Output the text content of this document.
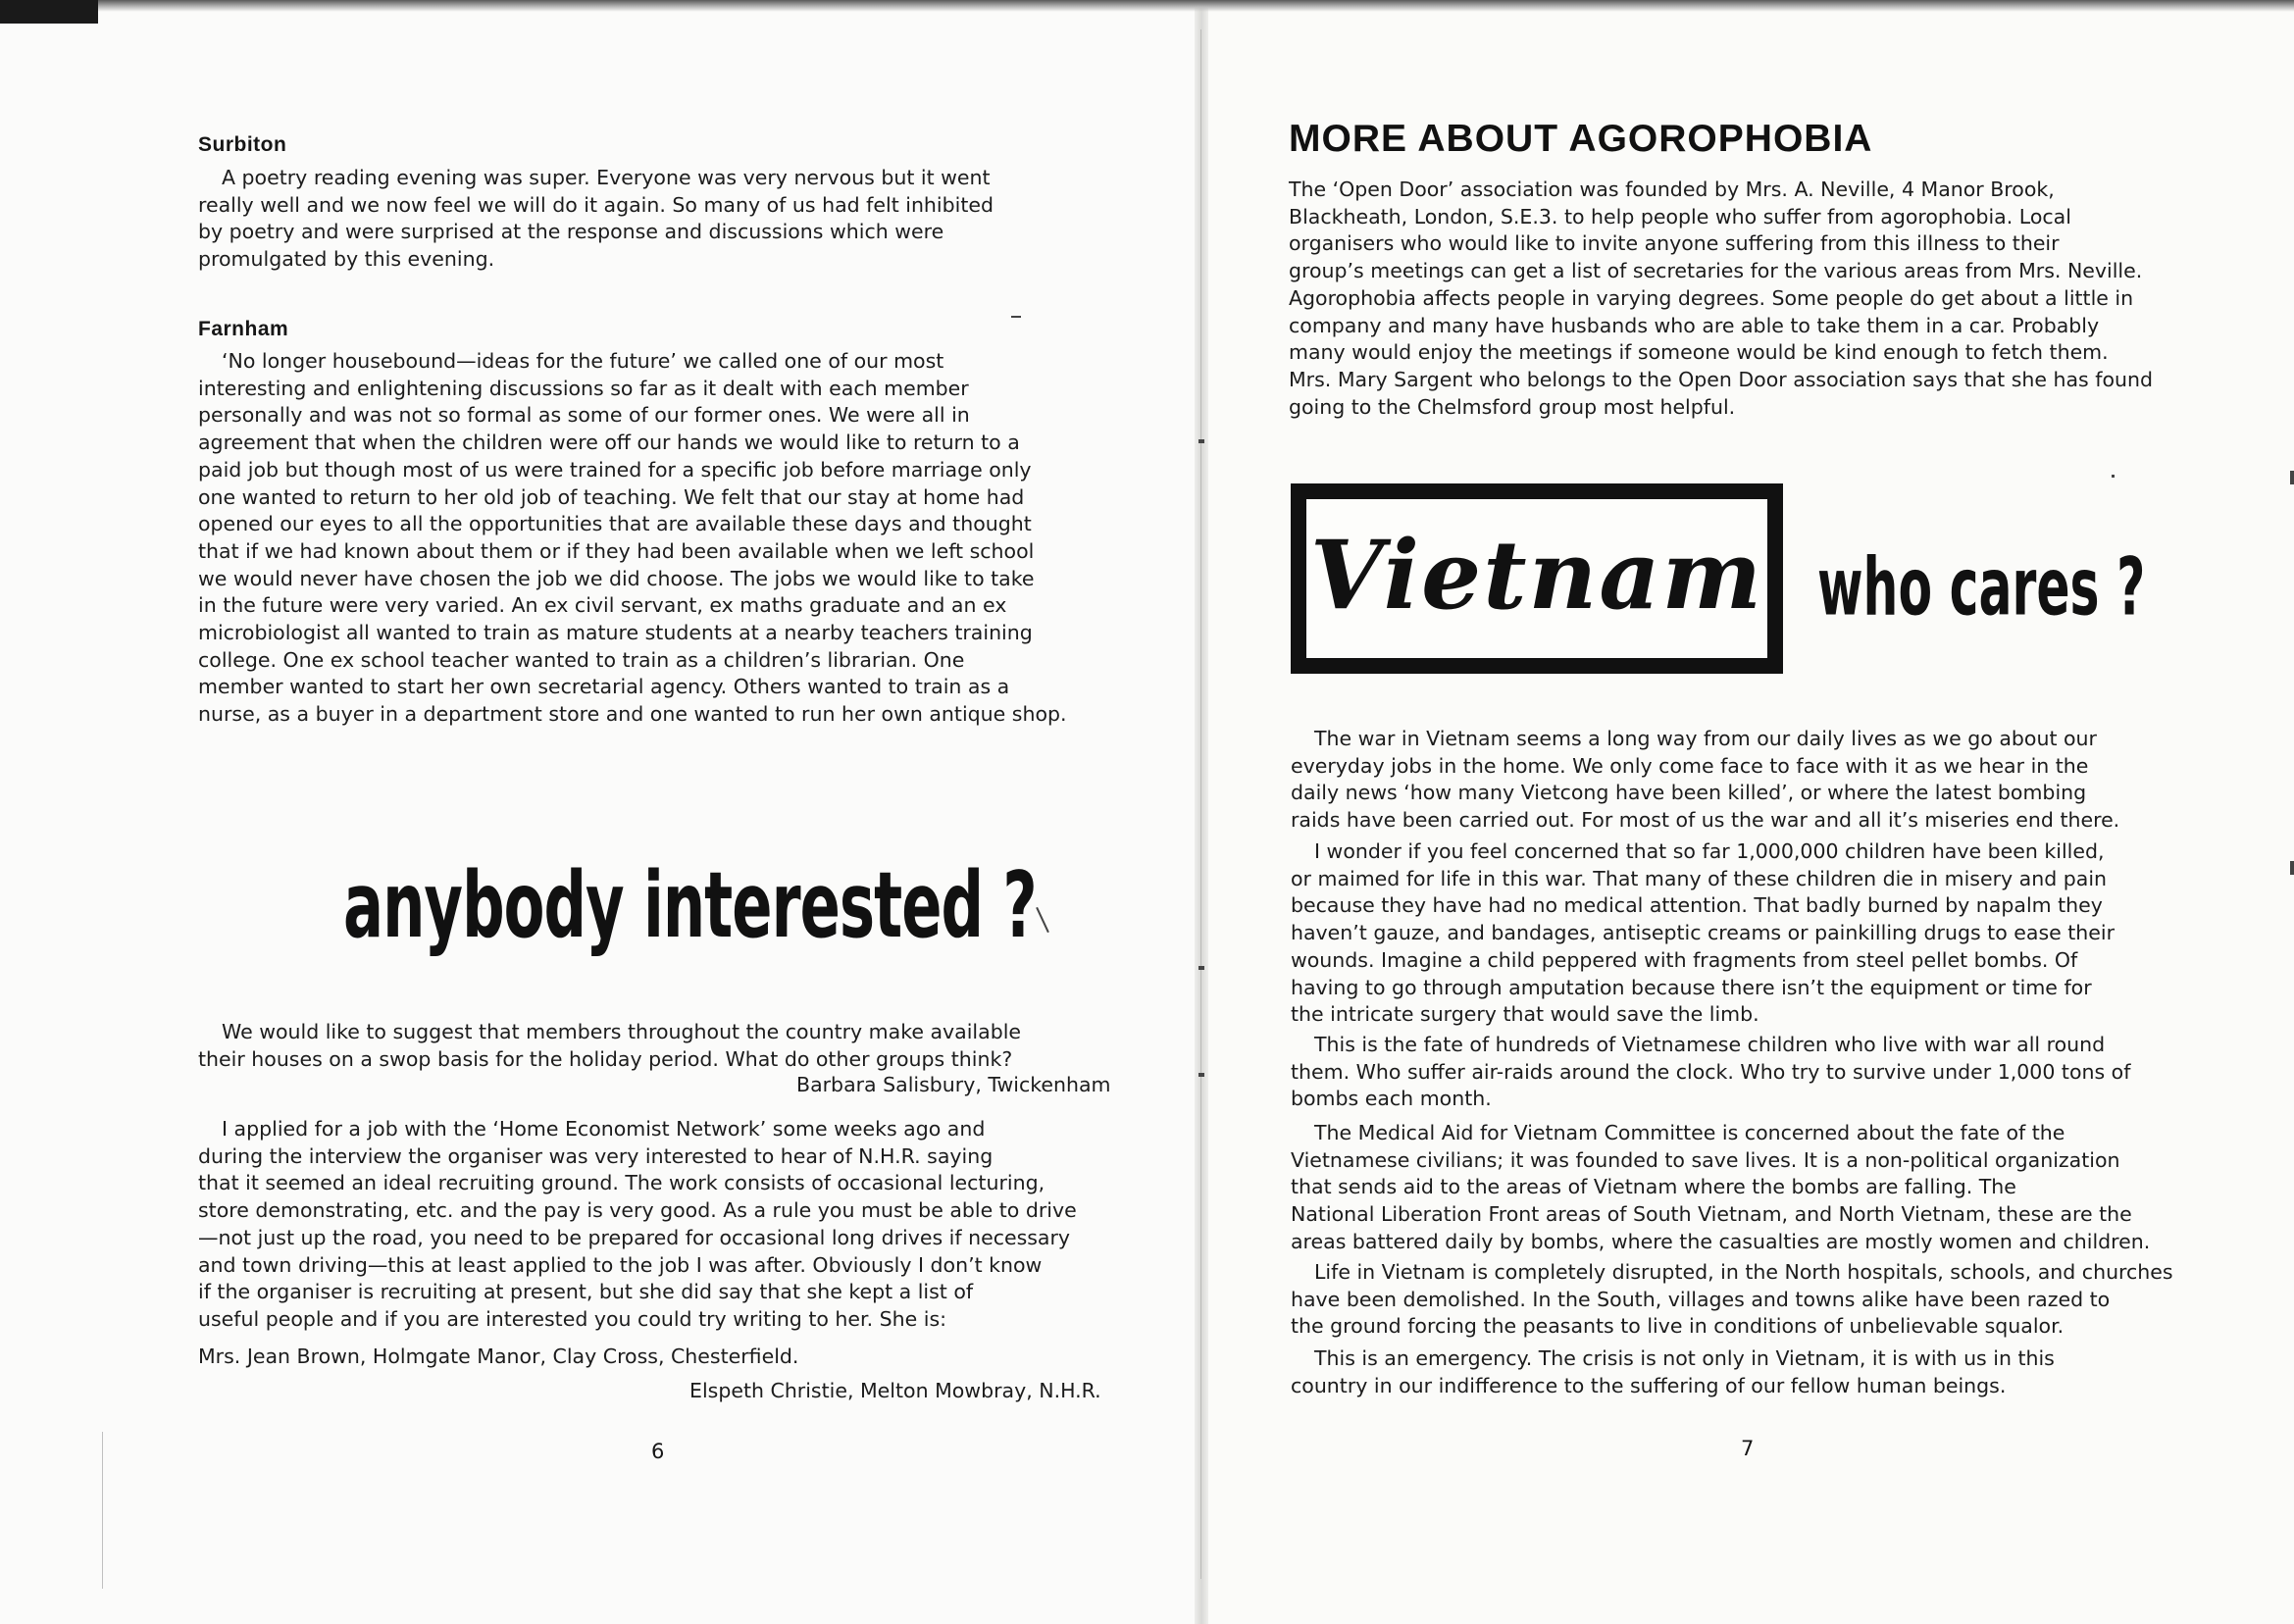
Surbiton
A poetry reading evening was super. Everyone was very nervous but it went
really well and we now feel we will do it again. So many of us had felt inhibited
by poetry and were surprised at the response and discussions which were
promulgated by this evening.
Farnham
‘No longer housebound—ideas for the future’ we called one of our most
interesting and enlightening discussions so far as it dealt with each member
personally and was not so formal as some of our former ones. We were all in
agreement that when the children were off our hands we would like to return to a
paid job but though most of us were trained for a specific job before marriage only
one wanted to return to her old job of teaching. We felt that our stay at home had
opened our eyes to all the opportunities that are available these days and thought
that if we had known about them or if they had been available when we left school
we would never have chosen the job we did choose. The jobs we would like to take
in the future were very varied. An ex civil servant, ex maths graduate and an ex
microbiologist all wanted to train as mature students at a nearby teachers training
college. One ex school teacher wanted to train as a children’s librarian. One
member wanted to start her own secretarial agency. Others wanted to train as a
nurse, as a buyer in a department store and one wanted to run her own antique shop.
anybody interested ?
We would like to suggest that members throughout the country make available
their houses on a swop basis for the holiday period. What do other groups think?
Barbara Salisbury, Twickenham
I applied for a job with the ‘Home Economist Network’ some weeks ago and
during the interview the organiser was very interested to hear of N.H.R. saying
that it seemed an ideal recruiting ground. The work consists of occasional lecturing,
store demonstrating, etc. and the pay is very good. As a rule you must be able to drive
—not just up the road, you need to be prepared for occasional long drives if necessary
and town driving—this at least applied to the job I was after. Obviously I don’t know
if the organiser is recruiting at present, but she did say that she kept a list of
useful people and if you are interested you could try writing to her. She is:
Mrs. Jean Brown, Holmgate Manor, Clay Cross, Chesterfield.
Elspeth Christie, Melton Mowbray, N.H.R.
6
MORE ABOUT AGOROPHOBIA
The ‘Open Door’ association was founded by Mrs. A. Neville, 4 Manor Brook,
Blackheath, London, S.E.3. to help people who suffer from agorophobia. Local
organisers who would like to invite anyone suffering from this illness to their
group’s meetings can get a list of secretaries for the various areas from Mrs. Neville.
Agorophobia affects people in varying degrees. Some people do get about a little in
company and many have husbands who are able to take them in a car. Probably
many would enjoy the meetings if someone would be kind enough to fetch them.
Mrs. Mary Sargent who belongs to the Open Door association says that she has found
going to the Chelmsford group most helpful.
Vietnam who cares ?
The war in Vietnam seems a long way from our daily lives as we go about our
everyday jobs in the home. We only come face to face with it as we hear in the
daily news ‘how many Vietcong have been killed’, or where the latest bombing
raids have been carried out. For most of us the war and all it’s miseries end there.
I wonder if you feel concerned that so far 1,000,000 children have been killed,
or maimed for life in this war. That many of these children die in misery and pain
because they have had no medical attention. That badly burned by napalm they
haven’t gauze, and bandages, antiseptic creams or painkilling drugs to ease their
wounds. Imagine a child peppered with fragments from steel pellet bombs. Of
having to go through amputation because there isn’t the equipment or time for
the intricate surgery that would save the limb.
This is the fate of hundreds of Vietnamese children who live with war all round
them. Who suffer air-raids around the clock. Who try to survive under 1,000 tons of
bombs each month.
The Medical Aid for Vietnam Committee is concerned about the fate of the
Vietnamese civilians; it was founded to save lives. It is a non-political organization
that sends aid to the areas of Vietnam where the bombs are falling. The
National Liberation Front areas of South Vietnam, and North Vietnam, these are the
areas battered daily by bombs, where the casualties are mostly women and children.
Life in Vietnam is completely disrupted, in the North hospitals, schools, and churches
have been demolished. In the South, villages and towns alike have been razed to
the ground forcing the peasants to live in conditions of unbelievable squalor.
This is an emergency. The crisis is not only in Vietnam, it is with us in this
country in our indifference to the suffering of our fellow human beings.
7
